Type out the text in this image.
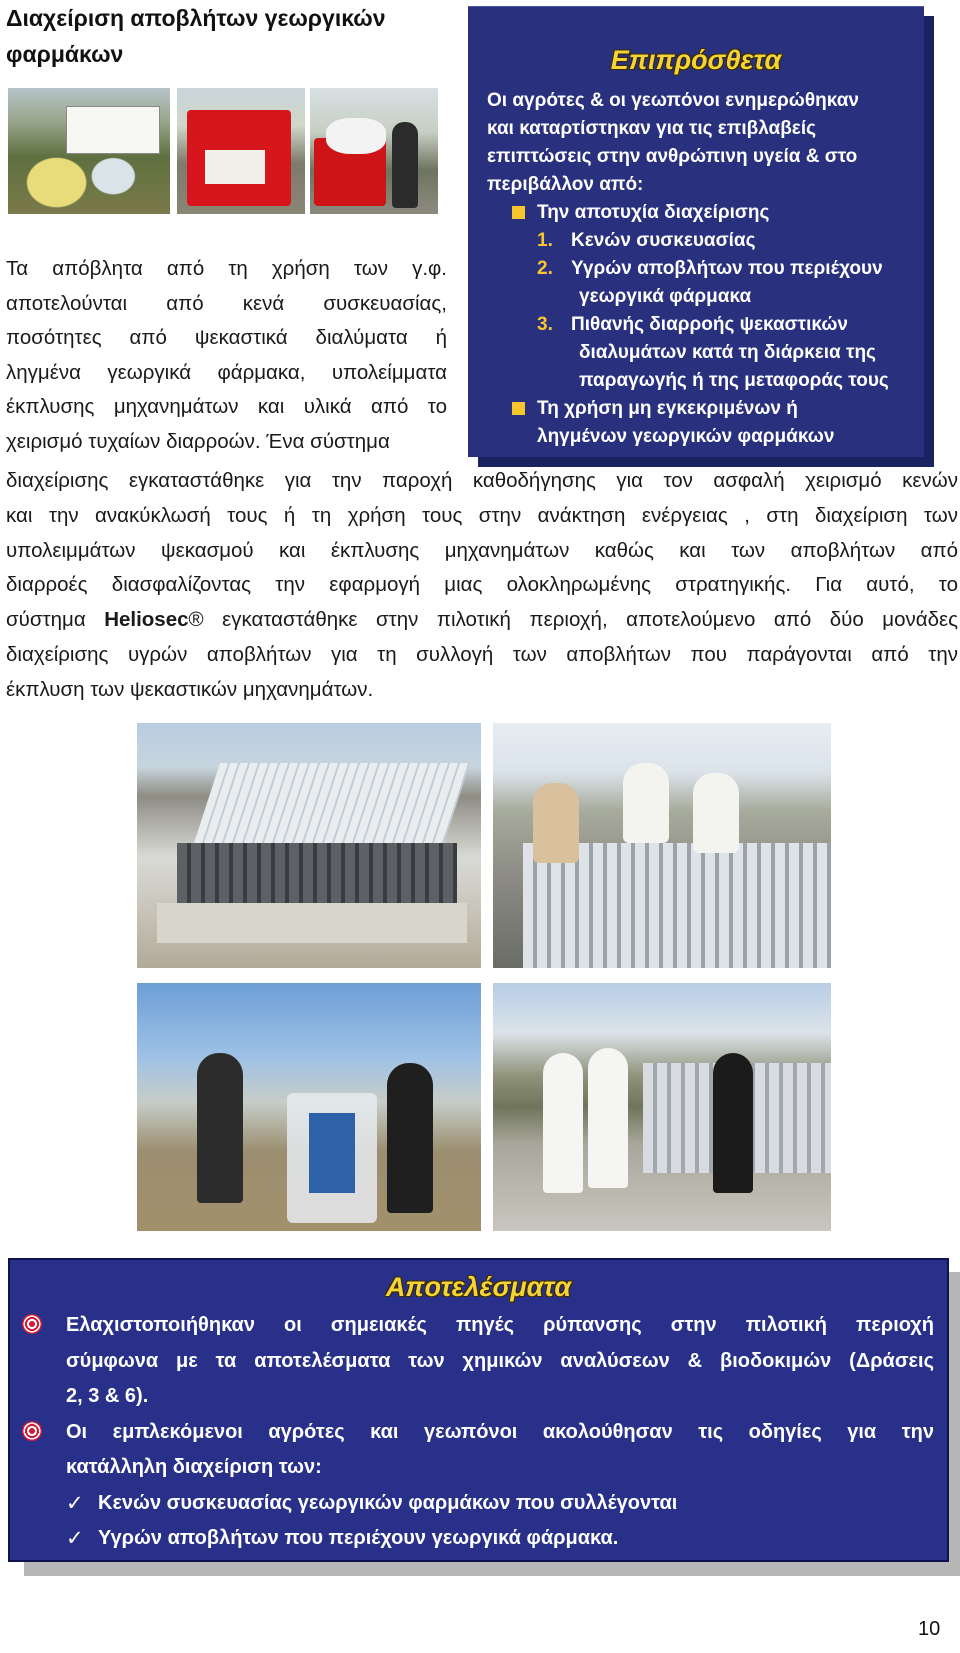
Διαχείριση αποβλήτων γεωργικών
φαρμάκων	Επιπρόσθετα
Οι αγρότες & οι γεωπόνοι ενημερώθηκαν
και καταρτίστηκαν για τις επιβλαβείς
επιπτώσεις στην ανθρώπινη υγεία & στο
περιβάλλον από:
Την αποτυχία διαχείρισης
1. Κενών συσκευασίας
2. Υγρών αποβλήτων που περιέχουν
γεωργικά φάρμακα
3. Πιθανής διαρροής ψεκαστικών
διαλυμάτων κατά τη διάρκεια της
παραγωγής ή της μεταφοράς τους
Τη χρήση μη εγκεκριμένων ή
ληγμένων γεωργικών φαρμάκων
Τα απόβλητα από τη χρήση των γ.φ.
αποτελούνται από κενά συσκευασίας,
ποσότητες από ψεκαστικά διαλύματα ή
ληγμένα γεωργικά φάρμακα, υπολείμματα
έκπλυσης μηχανημάτων και υλικά από το
χειρισμό τυχαίων διαρροών. Ένα σύστημα
διαχείρισης εγκαταστάθηκε για την παροχή καθοδήγησης για τον ασφαλή χειρισμό κενών
και την ανακύκλωσή τους ή τη χρήση τους στην ανάκτηση ενέργειας , στη διαχείριση των
υπολειμμάτων ψεκασμού και έκπλυσης μηχανημάτων καθώς και των αποβλήτων από
διαρροές διασφαλίζοντας την εφαρμογή μιας ολοκληρωμένης στρατηγικής. Για αυτό, το
σύστημα Heliosec® εγκαταστάθηκε στην πιλοτική περιοχή, αποτελούμενο από δύο μονάδες
διαχείρισης υγρών αποβλήτων για τη συλλογή των αποβλήτων που παράγονται από την
έκπλυση των ψεκαστικών μηχανημάτων.
Αποτελέσματα
Ελαχιστοποιήθηκαν οι σημειακές πηγές ρύπανσης στην πιλοτική περιοχή
σύμφωνα με τα αποτελέσματα των χημικών αναλύσεων & βιοδοκιμών (Δράσεις
2, 3 & 6).
Οι εμπλεκόμενοι αγρότες και γεωπόνοι ακολούθησαν τις οδηγίες για την
κατάλληλη διαχείριση των:
✓ Κενών συσκευασίας γεωργικών φαρμάκων που συλλέγονται
✓ Υγρών αποβλήτων που περιέχουν γεωργικά φάρμακα.
10
